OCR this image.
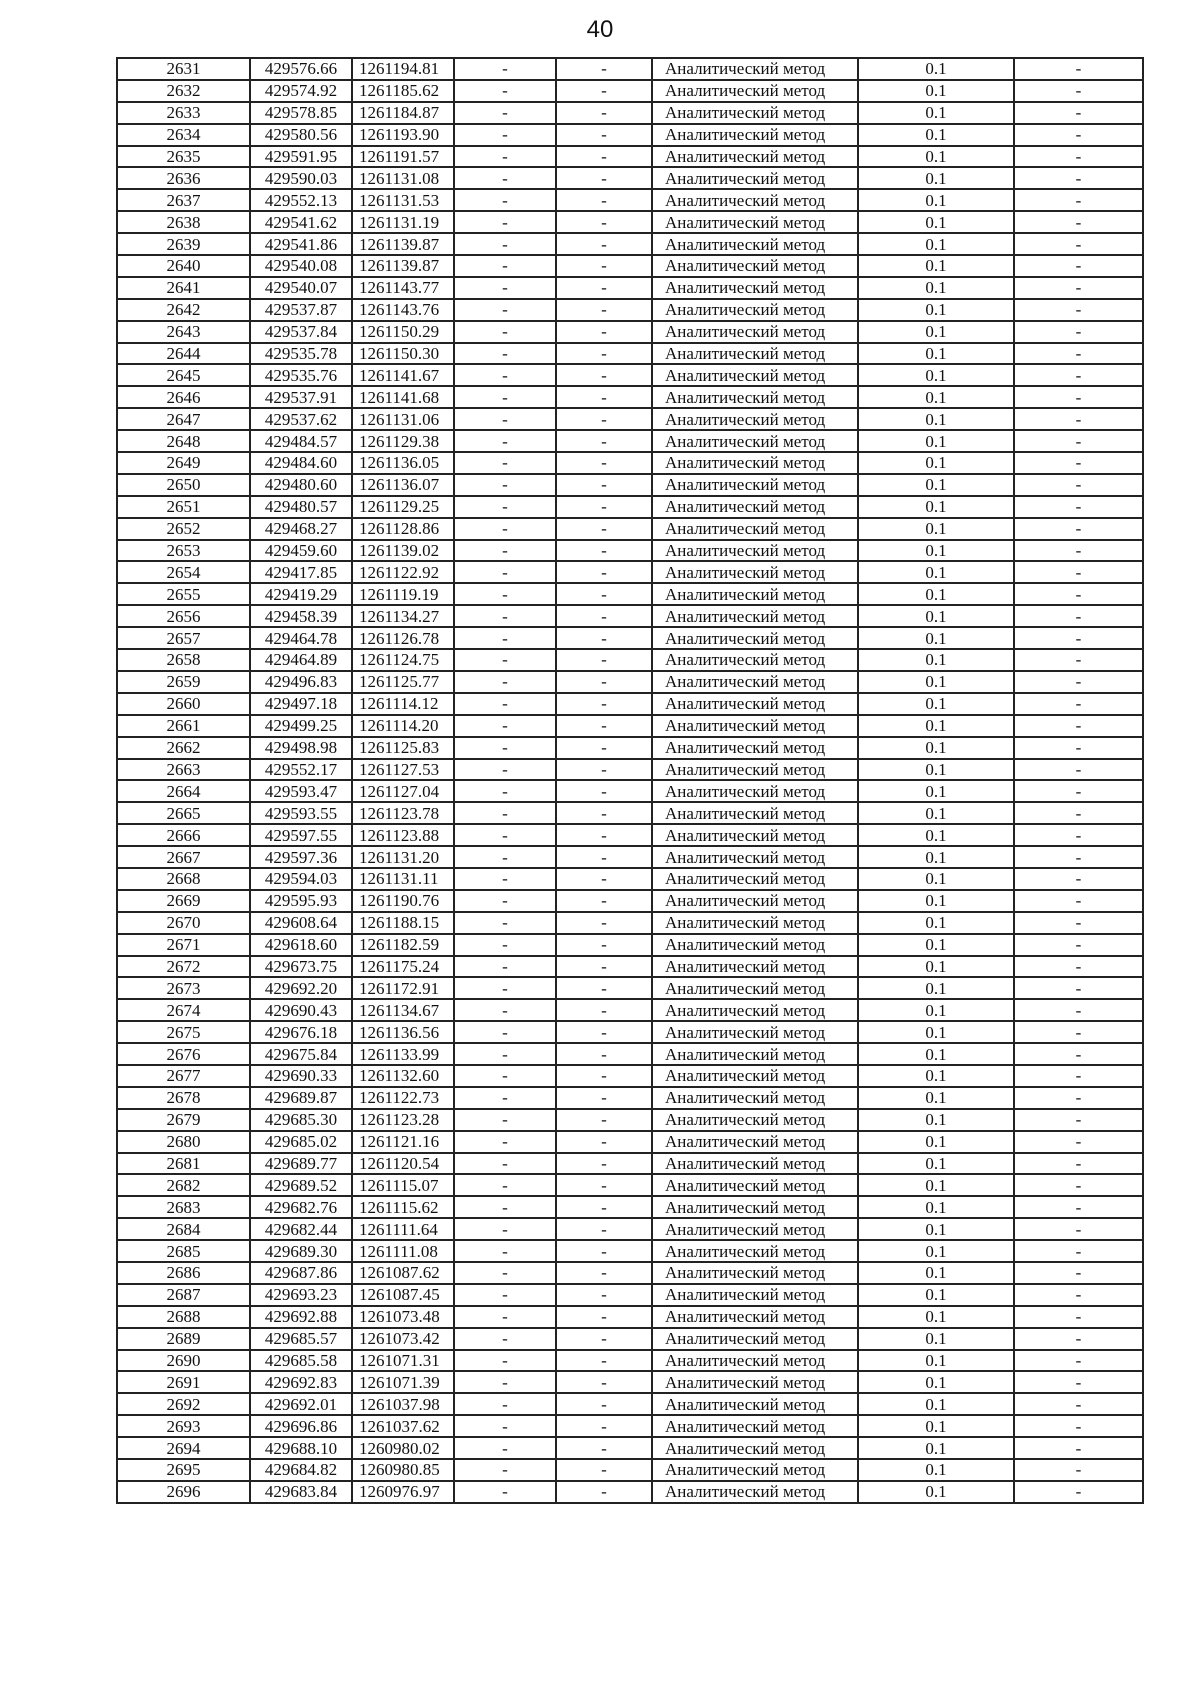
40
2631	429576.66	1261194.81	-	-	Аналитический метод	0.1	-
2632	429574.92	1261185.62	-	-	Аналитический метод	0.1	-
2633	429578.85	1261184.87	-	-	Аналитический метод	0.1	-
2634	429580.56	1261193.90	-	-	Аналитический метод	0.1	-
2635	429591.95	1261191.57	-	-	Аналитический метод	0.1	-
2636	429590.03	1261131.08	-	-	Аналитический метод	0.1	-
2637	429552.13	1261131.53	-	-	Аналитический метод	0.1	-
2638	429541.62	1261131.19	-	-	Аналитический метод	0.1	-
2639	429541.86	1261139.87	-	-	Аналитический метод	0.1	-
2640	429540.08	1261139.87	-	-	Аналитический метод	0.1	-
2641	429540.07	1261143.77	-	-	Аналитический метод	0.1	-
2642	429537.87	1261143.76	-	-	Аналитический метод	0.1	-
2643	429537.84	1261150.29	-	-	Аналитический метод	0.1	-
2644	429535.78	1261150.30	-	-	Аналитический метод	0.1	-
2645	429535.76	1261141.67	-	-	Аналитический метод	0.1	-
2646	429537.91	1261141.68	-	-	Аналитический метод	0.1	-
2647	429537.62	1261131.06	-	-	Аналитический метод	0.1	-
2648	429484.57	1261129.38	-	-	Аналитический метод	0.1	-
2649	429484.60	1261136.05	-	-	Аналитический метод	0.1	-
2650	429480.60	1261136.07	-	-	Аналитический метод	0.1	-
2651	429480.57	1261129.25	-	-	Аналитический метод	0.1	-
2652	429468.27	1261128.86	-	-	Аналитический метод	0.1	-
2653	429459.60	1261139.02	-	-	Аналитический метод	0.1	-
2654	429417.85	1261122.92	-	-	Аналитический метод	0.1	-
2655	429419.29	1261119.19	-	-	Аналитический метод	0.1	-
2656	429458.39	1261134.27	-	-	Аналитический метод	0.1	-
2657	429464.78	1261126.78	-	-	Аналитический метод	0.1	-
2658	429464.89	1261124.75	-	-	Аналитический метод	0.1	-
2659	429496.83	1261125.77	-	-	Аналитический метод	0.1	-
2660	429497.18	1261114.12	-	-	Аналитический метод	0.1	-
2661	429499.25	1261114.20	-	-	Аналитический метод	0.1	-
2662	429498.98	1261125.83	-	-	Аналитический метод	0.1	-
2663	429552.17	1261127.53	-	-	Аналитический метод	0.1	-
2664	429593.47	1261127.04	-	-	Аналитический метод	0.1	-
2665	429593.55	1261123.78	-	-	Аналитический метод	0.1	-
2666	429597.55	1261123.88	-	-	Аналитический метод	0.1	-
2667	429597.36	1261131.20	-	-	Аналитический метод	0.1	-
2668	429594.03	1261131.11	-	-	Аналитический метод	0.1	-
2669	429595.93	1261190.76	-	-	Аналитический метод	0.1	-
2670	429608.64	1261188.15	-	-	Аналитический метод	0.1	-
2671	429618.60	1261182.59	-	-	Аналитический метод	0.1	-
2672	429673.75	1261175.24	-	-	Аналитический метод	0.1	-
2673	429692.20	1261172.91	-	-	Аналитический метод	0.1	-
2674	429690.43	1261134.67	-	-	Аналитический метод	0.1	-
2675	429676.18	1261136.56	-	-	Аналитический метод	0.1	-
2676	429675.84	1261133.99	-	-	Аналитический метод	0.1	-
2677	429690.33	1261132.60	-	-	Аналитический метод	0.1	-
2678	429689.87	1261122.73	-	-	Аналитический метод	0.1	-
2679	429685.30	1261123.28	-	-	Аналитический метод	0.1	-
2680	429685.02	1261121.16	-	-	Аналитический метод	0.1	-
2681	429689.77	1261120.54	-	-	Аналитический метод	0.1	-
2682	429689.52	1261115.07	-	-	Аналитический метод	0.1	-
2683	429682.76	1261115.62	-	-	Аналитический метод	0.1	-
2684	429682.44	1261111.64	-	-	Аналитический метод	0.1	-
2685	429689.30	1261111.08	-	-	Аналитический метод	0.1	-
2686	429687.86	1261087.62	-	-	Аналитический метод	0.1	-
2687	429693.23	1261087.45	-	-	Аналитический метод	0.1	-
2688	429692.88	1261073.48	-	-	Аналитический метод	0.1	-
2689	429685.57	1261073.42	-	-	Аналитический метод	0.1	-
2690	429685.58	1261071.31	-	-	Аналитический метод	0.1	-
2691	429692.83	1261071.39	-	-	Аналитический метод	0.1	-
2692	429692.01	1261037.98	-	-	Аналитический метод	0.1	-
2693	429696.86	1261037.62	-	-	Аналитический метод	0.1	-
2694	429688.10	1260980.02	-	-	Аналитический метод	0.1	-
2695	429684.82	1260980.85	-	-	Аналитический метод	0.1	-
2696	429683.84	1260976.97	-	-	Аналитический метод	0.1	-
